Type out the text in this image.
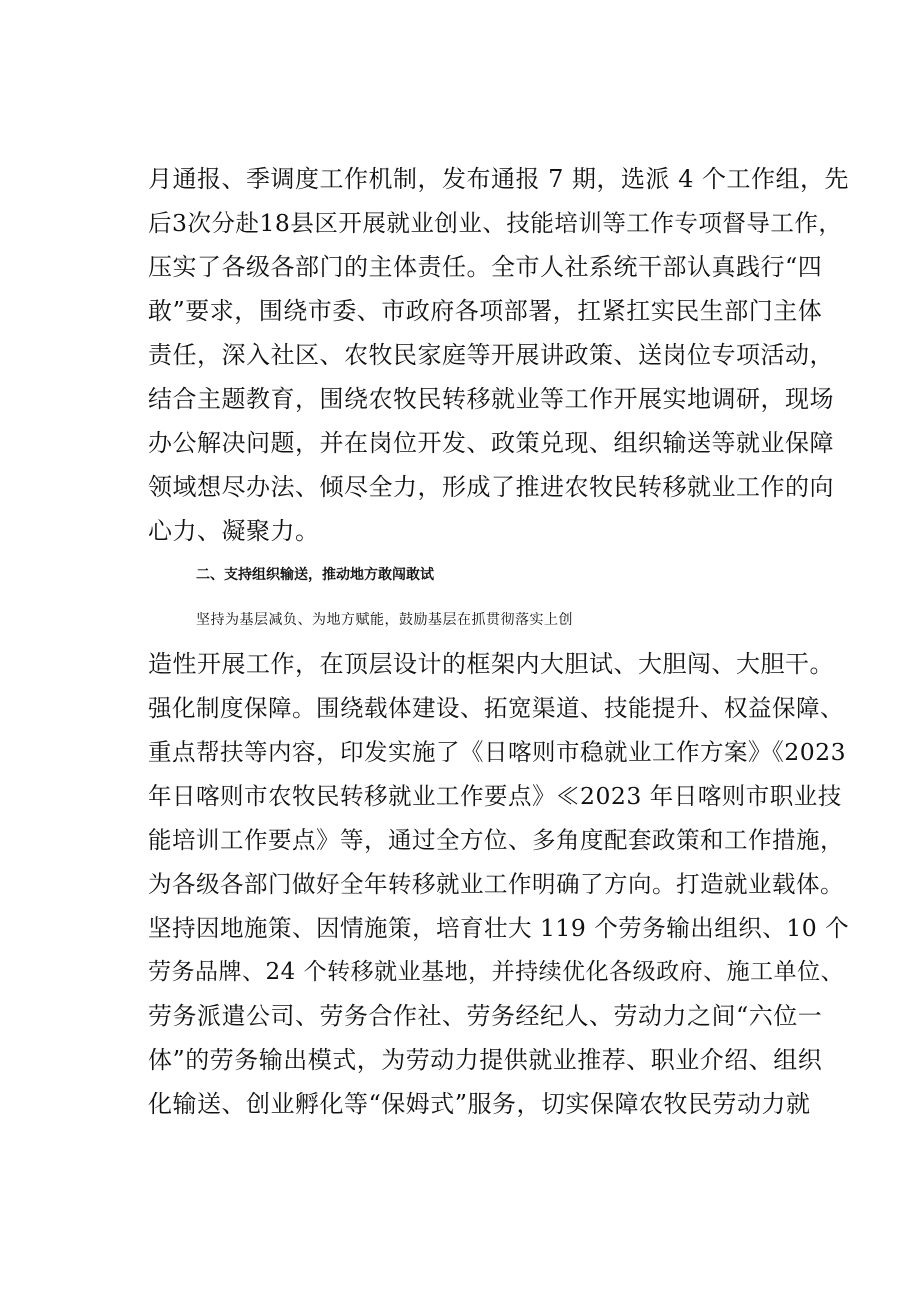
月通报、季调度工作机制，发布通报 7 期，选派 4 个工作组，先
后3次分赴18县区开展就业创业、技能培训等工作专项督导工作，
压实了各级各部门的主体责任。全市人社系统干部认真践行“四
敢”要求，围绕市委、市政府各项部署，扛紧扛实民生部门主体
责任，深入社区、农牧民家庭等开展讲政策、送岗位专项活动，
结合主题教育，围绕农牧民转移就业等工作开展实地调研，现场
办公解决问题，并在岗位开发、政策兑现、组织输送等就业保障
领域想尽办法、倾尽全力，形成了推进农牧民转移就业工作的向
心力、凝聚力。
二、支持组织输送，推动地方敢闯敢试
坚持为基层减负、为地方赋能，鼓励基层在抓贯彻落实上创
造性开展工作，在顶层设计的框架内大胆试、大胆闯、大胆干。
强化制度保障。围绕载体建设、拓宽渠道、技能提升、权益保障、
重点帮扶等内容，印发实施了《日喀则市稳就业工作方案》《2023
年日喀则市农牧民转移就业工作要点》≪2023 年日喀则市职业技
能培训工作要点》等，通过全方位、多角度配套政策和工作措施，
为各级各部门做好全年转移就业工作明确了方向。打造就业载体。
坚持因地施策、因情施策，培育壮大 119 个劳务输出组织、10 个
劳务品牌、24 个转移就业基地，并持续优化各级政府、施工单位、
劳务派遣公司、劳务合作社、劳务经纪人、劳动力之间“六位一
体”的劳务输出模式，为劳动力提供就业推荐、职业介绍、组织
化输送、创业孵化等“保姆式”服务，切实保障农牧民劳动力就
